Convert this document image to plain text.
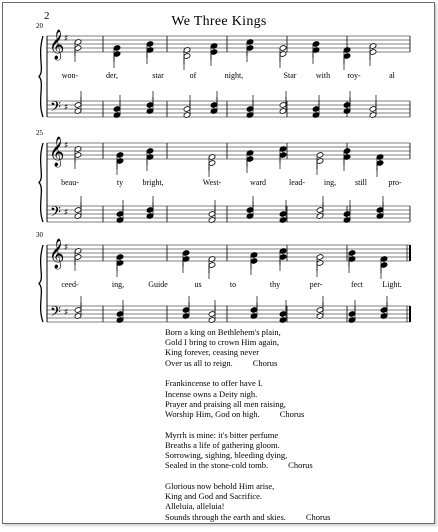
2	We Three Kings
20
𝄞
𝄢
♯
♯
won-	der,	star	of	night,	Star with roy-	al
25
𝄞
𝄢
♯
♯
beau-	ty bright,	West-	ward	lead- ing, still	pro-
30
𝄞
𝄢
♯
♯
ceed-	ing,	Guide	us	to	thy	per-	fect Light.
Born a king on Bethlehem's plain,
Gold I bring to crown Him again,
King forever, ceasing never
Over us all to reign. Chorus
Frankincense to offer have I.
Incense owns a Deity nigh.
Prayer and praising all men raising,
Worship Him, God on high. Chorus
Myrrh is mine: it's bitter perfume
Breaths a life of gathering gloom.
Sorrowing, sighing, bleeding dying,
Sealed in the stone-cold tomb. Chorus
Glorious now behold Him arise,
King and God and Sacrifice.
Alleluia, alleluia!
Sounds through the earth and skies. Chorus
